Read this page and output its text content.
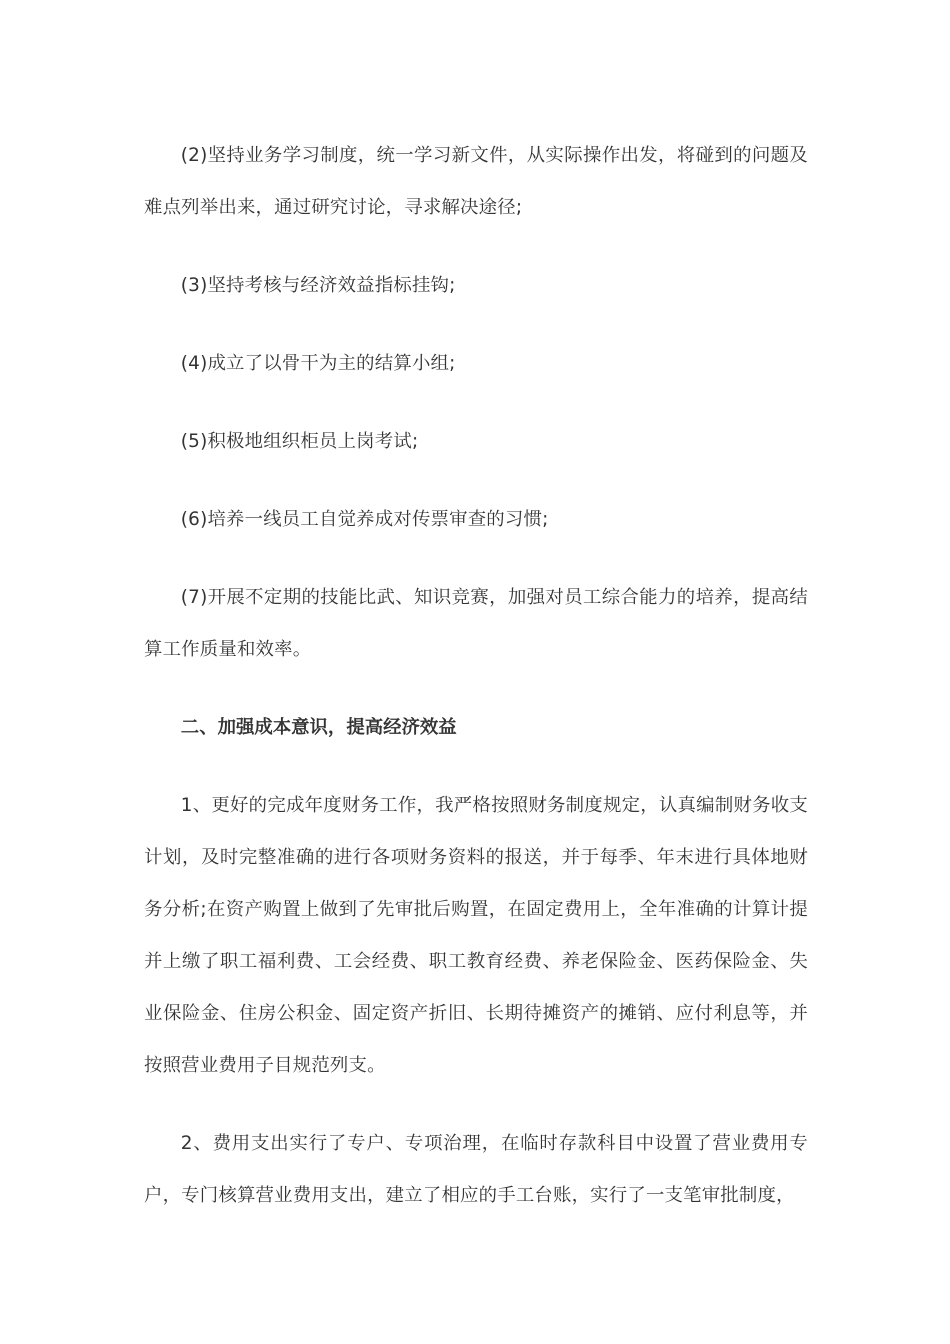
(2)坚持业务学习制度，统一学习新文件，从实际操作出发，将碰到的问题及难点列举出来，通过研究讨论，寻求解决途径;

(3)坚持考核与经济效益指标挂钩;

(4)成立了以骨干为主的结算小组;

(5)积极地组织柜员上岗考试;

(6)培养一线员工自觉养成对传票审查的习惯;

(7)开展不定期的技能比武、知识竞赛，加强对员工综合能力的培养，提高结算工作质量和效率。

二、加强成本意识，提高经济效益

1、更好的完成年度财务工作，我严格按照财务制度规定，认真编制财务收支计划，及时完整准确的进行各项财务资料的报送，并于每季、年末进行具体地财务分析;在资产购置上做到了先审批后购置，在固定费用上，全年准确的计算计提并上缴了职工福利费、工会经费、职工教育经费、养老保险金、医药保险金、失业保险金、住房公积金、固定资产折旧、长期待摊资产的摊销、应付利息等，并按照营业费用子目规范列支。

2、费用支出实行了专户、专项治理，在临时存款科目中设置了营业费用专户，专门核算营业费用支出，建立了相应的手工台账，实行了一支笔审批制度，
